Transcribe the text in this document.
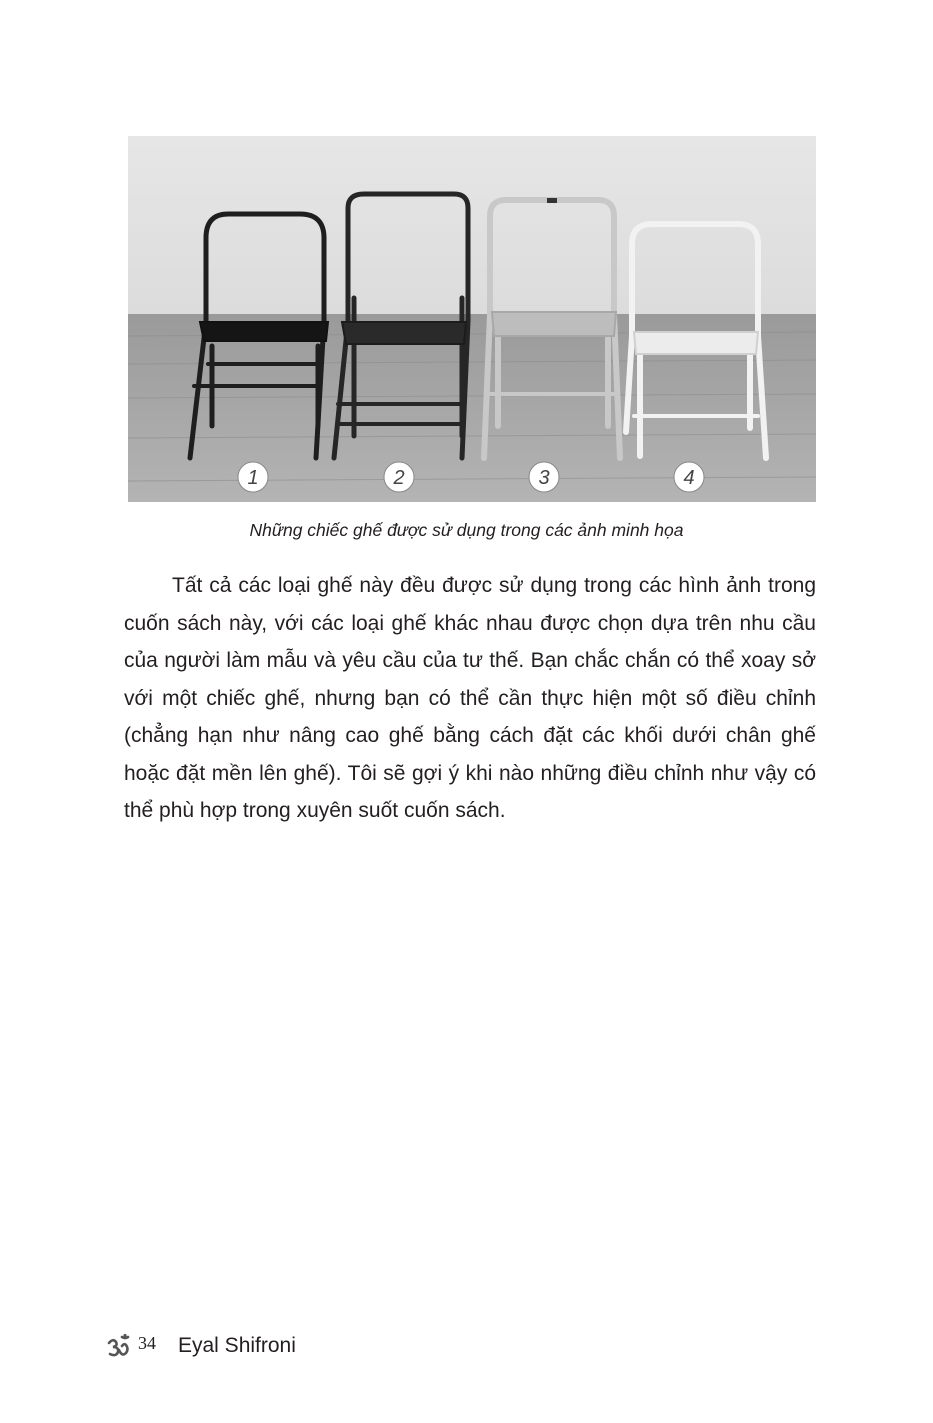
1	2	3	4
Những chiếc ghế được sử dụng trong các ảnh minh họa

Tất cả các loại ghế này đều được sử dụng trong các hình ảnh trong cuốn sách này, với các loại ghế khác nhau được chọn dựa trên nhu cầu của người làm mẫu và yêu cầu của tư thế. Bạn chắc chắn có thể xoay sở với một chiếc ghế, nhưng bạn có thể cần thực hiện một số điều chỉnh (chẳng hạn như nâng cao ghế bằng cách đặt các khối dưới chân ghế hoặc đặt mền lên ghế). Tôi sẽ gợi ý khi nào những điều chỉnh như vậy có thể phù hợp trong xuyên suốt cuốn sách.

34 Eyal Shifroni
